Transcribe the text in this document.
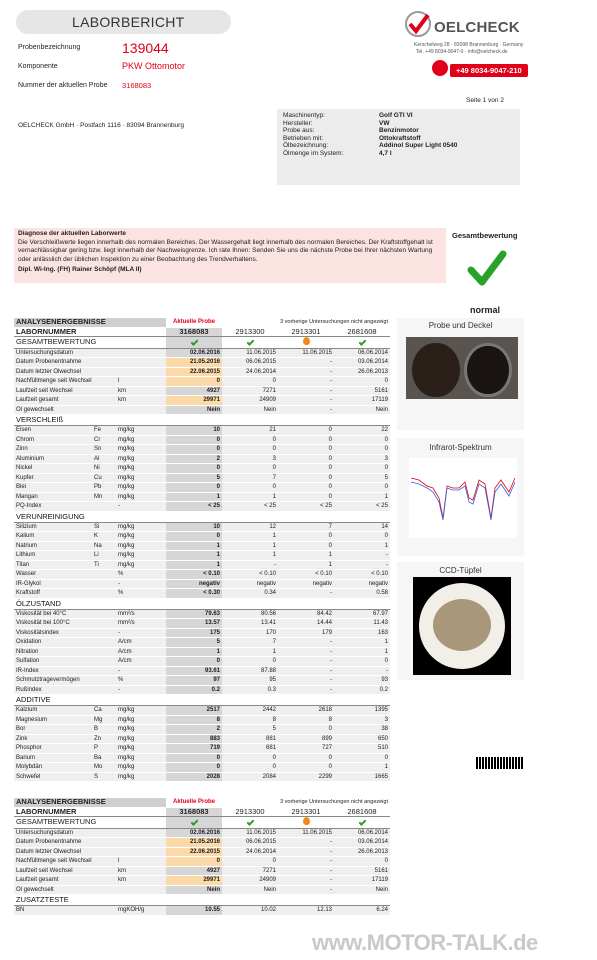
LABORBERICHT
Probenbezeichnung	139044
Komponente	PKW Ottomotor
Nummer der aktuellen Probe 3168083
OELCHECK
Kerschelweg 28 · 83098 Brannenburg · Germany
Tel. +49 8034-9047-0 · info@oelcheck.de
+49 8034-9047-210
Seite 1 von 2
OELCHECK GmbH · Postfach 1116 · 83094 Brannenburg
Maschinentyp:	Golf GTI VI
Hersteller:	VW
Probe aus:	Benzinmotor
Betrieben mit:	Ottokraftstoff
Ölbezeichnung:	Addinol Super Light 0540
Ölmenge im System:	4,7 l
Diagnose der aktuellen Laborwerte
Die Verschleißwerte liegen innerhalb des normalen Bereiches. Der Wassergehalt liegt innerhalb des normalen Bereiches. Der Kraftstoffgehalt ist vernachlässigbar gering bzw. liegt innerhalb der Nachweisgrenze. Ich rate Ihnen: Senden Sie uns die nächste Probe bei Ihrer nächsten Wartung oder anlässlich der üblichen Inspektion zu einer Beobachtung des Trendverhaltens.
Dipl. Wi-Ing. (FH) Rainer Schöpf (MLA II)
Gesamtbewertung
normal
ANALYSENERGEBNISSE			Aktuelle Probe	3 vorherige Untersuchungen nicht angezeigt		
LABORNUMMER			3168083	2913300	2913301	2681608
GESAMTBEWERTUNG						
Untersuchungsdatum			02.06.2016	11.06.2015	11.06.2015	06.06.2014
Datum Probenentnahme			21.05.2016	06.06.2015	-	03.06.2014
Datum letzter Ölwechsel			22.06.2015	24.06.2014	-	26.06.2013
Nachfüllmenge seit Wechsel		l	0	0	-	0
Laufzeit seit Wechsel		km	4927	7271	-	5161
Laufzeit gesamt		km	29971	24909	-	17119
Öl gewechselt			Nein	Nein	-	Nein
VERSCHLEIß						
Eisen	Fe	mg/kg	10	21	0	22
Chrom	Cr	mg/kg	0	0	0	0
Zinn	Sn	mg/kg	0	0	0	0
Aluminium	Al	mg/kg	2	3	0	3
Nickel	Ni	mg/kg	0	0	0	0
Kupfer	Cu	mg/kg	5	7	0	5
Blei	Pb	mg/kg	0	0	0	0
Mangan	Mn	mg/kg	1	1	0	1
PQ-Index		-	< 25	< 25	< 25	< 25
VERUNREINIGUNG						
Silizium	Si	mg/kg	10	12	7	14
Kalium	K	mg/kg	0	1	0	0
Natrium	Na	mg/kg	1	1	0	1
Lithium	Li	mg/kg	1	1	1	-
Titan	Ti	mg/kg	1	-	1	-
Wasser		%	< 0.10	< 0.10	< 0.10	< 0.10
IR-Glykol		-	negativ	negativ	negativ	negativ
Kraftstoff		%	< 0.30	0.34	-	0.58
ÖLZUSTAND						
Viskosität bei 40°C		mm²/s	79.63	80.56	84.42	67.97
Viskosität bei 100°C		mm²/s	13.57	13.41	14.44	11.43
Viskositätsindex		-	175	170	179	163
Oxidation		A/cm	5	7	-	1
Nitration		A/cm	1	1	-	1
Sulfation		A/cm	0	0	-	0
IR-Index		-	93.61	87.88	-	-
Schmutztragevermögen		%	97	95	-	93
Rußindex		-	0.2	0.3	-	0.2
ADDITIVE						
Kalzium	Ca	mg/kg	2517	2442	2618	1395
Magnesium	Mg	mg/kg	8	8	8	3
Bor	B	mg/kg	2	5	0	38
Zink	Zn	mg/kg	883	881	899	650
Phosphor	P	mg/kg	719	681	727	510
Barium	Ba	mg/kg	0	0	0	0
Molybdän	Mo	mg/kg	0	0	0	1
Schwefel	S	mg/kg	2028	2084	2299	1665
Probe und Deckel
Infrarot-Spektrum
CCD-Tüpfel
ANALYSENERGEBNISSE			Aktuelle Probe	3 vorherige Untersuchungen nicht angezeigt		
LABORNUMMER			3168083	2913300	2913301	2681608
GESAMTBEWERTUNG						
Untersuchungsdatum			02.06.2016	11.06.2015	11.06.2015	06.06.2014
Datum Probenentnahme			21.05.2016	06.06.2015	-	03.06.2014
Datum letzter Ölwechsel			22.06.2015	24.06.2014	-	26.06.2013
Nachfüllmenge seit Wechsel		l	0	0	-	0
Laufzeit seit Wechsel		km	4927	7271	-	5161
Laufzeit gesamt		km	29971	24909	-	17119
Öl gewechselt			Nein	Nein	-	Nein
ZUSATZTESTE						
BN		mgKOH/g	10.55	10.02	12.13	6.24
www.MOTOR-TALK.de
